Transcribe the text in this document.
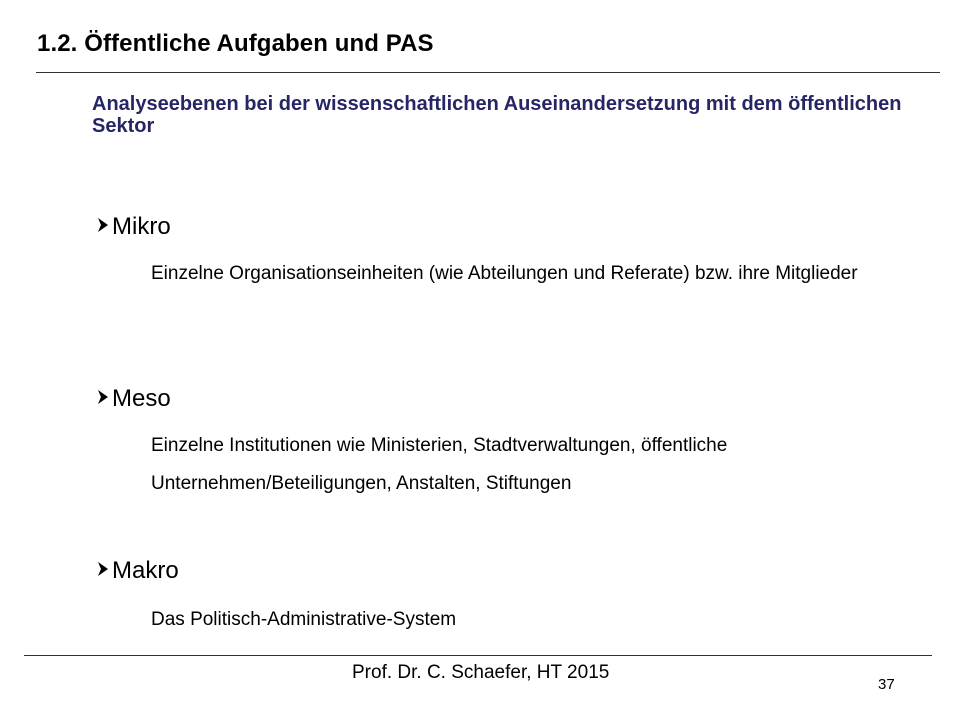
1.2. Öffentliche Aufgaben und PAS
Analyseebenen bei der wissenschaftlichen Auseinandersetzung mit dem öffentlichen Sektor
Mikro
Einzelne Organisationseinheiten (wie Abteilungen und Referate) bzw. ihre Mitglieder
Meso
Einzelne Institutionen wie Ministerien, Stadtverwaltungen, öffentliche Unternehmen/Beteiligungen, Anstalten, Stiftungen
Makro
Das Politisch-Administrative-System
Prof. Dr. C. Schaefer, HT 2015
37
